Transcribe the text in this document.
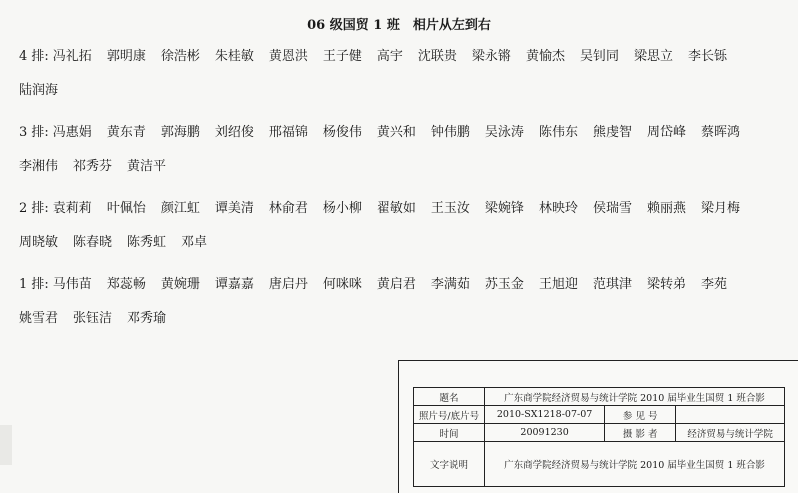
06 级国贸 1 班　相片从左到右
4 排: 冯礼拓 郭明康 徐浩彬 朱桂敏 黄恩洪 王子健 高宇 沈联贵 梁永锵 黄愉杰 吴钊同 梁思立 李长铄陆润海
3 排: 冯惠娟 黄东青 郭海鹏 刘绍俊 邢福锦 杨俊伟 黄兴和 钟伟鹏 吴泳涛 陈伟东 熊虔智 周岱峰 蔡晖鸿李湘伟 祁秀芬 黄洁平
2 排: 袁莉莉 叶佩怡 颜江虹 谭美清 林俞君 杨小柳 翟敏如 王玉汝 梁婉锋 林映玲 侯瑞雪 赖丽燕 梁月梅周晓敏 陈春晓 陈秀虹 邓卓
1 排: 马伟苗 郑蕊畅 黄婉珊 谭嘉嘉 唐启丹 何咪咪 黄启君 李满茹 苏玉金 王旭迎 范琪津 梁转弟 李苑姚雪君 张钰洁 邓秀瑜
题名	广东商学院经济贸易与统计学院 2010 届毕业生国贸 1 班合影		
照片号/底片号	2010-SX1218-07-07	参 见 号	
时间	20091230	摄 影 者	经济贸易与统计学院
文字说明	广东商学院经济贸易与统计学院 2010 届毕业生国贸 1 班合影		
